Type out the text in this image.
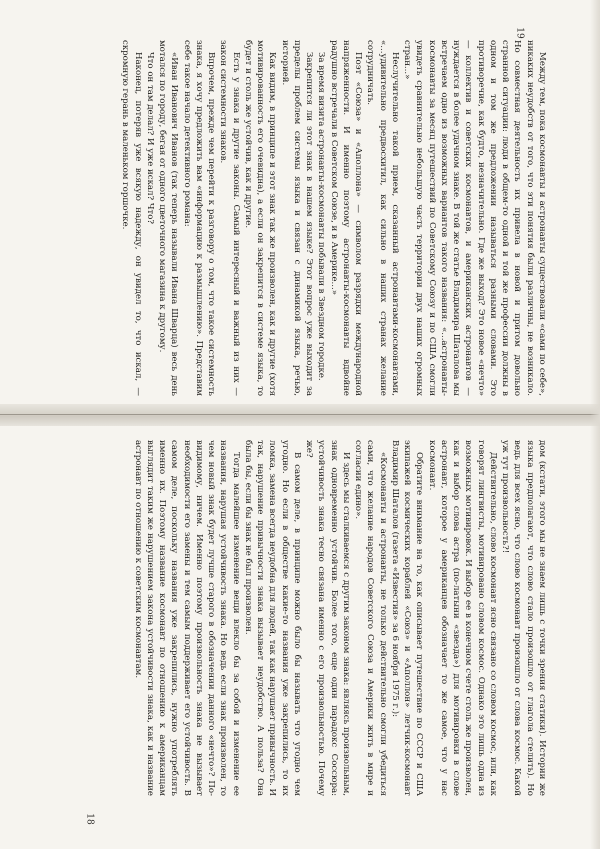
Между тем, пока космонавты и астронавты существовали «сами по себе», никаких неудобств от того, что эти понятия были различны, не возникало. Но совместная деятельность их привела в новой и притом довольно странной ситуации: люди в общем-то одной и той же профессии должны в одном и том же предложении называться разными словами. Это противоречие, как будто, незначительно. Где же выход? Это новое «нечто» — коллектив и советских космонавтов, и американских астронавтов — нуждается в более удачном знаке. В той же статье Владимира Шаталова мы встречаем одно из возможных вариантов такого названия: «...астронавты-космонавты за месяц путешествий по Советскому Союзу и по США смогли увидеть сравнительно небольшую часть территории двух наших огромных стран...»

Неслучительно такой прием, сказанный астронавтами-космонавтами, «...удивительно предвосхитил, как сильно в наших странах желание сотрудничать.

Поэт «Союза» и «Аполлона» — символом разрядки международной напряженности. И именно поэтому астронавты-космонавты вдвойне радушно встречали в Советском Союзе, и в Америке...»

За время визита астронавты-космонавты побывали в Звездном городке.

Закрепится ли этот знак в нашем языке? Этот вопрос уже выходит за пределы проблем системы языка и связан с динамикой языка, речью, историей.

Как видим, в принципе и этот знак так же произволен, как и другие (хотя мотивированность его очевидна), а если он закрепится в системе языка, то будет и столь же устойчив, как и другие.

Есть у знака и другие законы. Самый интересный и важный из них — закон системности знаков.

Впрочем, прежде чем перейти к разговору о том, что такое системность знака, я хочу предложить вам «информацию к размышлению». Представим себе такое начало детективного романа:

«Иван Иванович Иванов (так теперь называли Ивана Шварца) весь день мотался по городу, бегая от одного цветочного магазина к другому.

Что он там делал? И уже искал? Что?

Наконец, потеряв уже всякую надежду, он увидел то, что искал, — скромную герань в маленьком горшочке.

19

дом (кстати, этого мы не знаем лишь с точки зрения статики). Истории же языка предполагают, что слово стало произошло от глагола стелить). Но ведь для всех ясно, что слово космонавт произошло от слова космос. Какой уж тут произвольность?!

Действительно, слово космонавт ясно связано со словом космос, или, как говорят лингвисты, мотивировано словом космос. Однако это лишь одна из возможных мотивировок. И выбор ее в конечном счете столь же произволен, как и выбор слова астра (по-латыни «звезда») для мотивировки в слове астронавт, которое у американцев обозначает то же самое, что у нас космонавт.

Обратите внимание на то, как описывает путешествие по СССР и США экипажей космических кораблей «Союз» и «Аполлон» летчик-космонавт Владимир Шаталов (газета «Известия» за 6 ноября 1975 г.):

«Космонавты и астронавты, не только действительно смогли убедиться сами, что желание народов Советского Союза и Америки жить в мире и согласии едино».

И здесь мы сталкиваемся с другим законом знака: являясь произвольным, знак одновременно устойчив. Более того, еще один парадокс Соссюра: устойчивость знака тесно связана именно с его произвольностью. Почему же?

В самом деле, в принципе можно было бы называть что угодно чем угодно. Но если в обществе какие-то названия уже закрепились, то их ломка, замена всегда неудобна для людей, так как нарушает привычность. И так, нарушение привычности знака вызывает неудобство. А польза? Она была бы, если бы знак не был произволен.

Тогда малейшее изменение вещи влекло бы за собой и изменение ее названия, нарушая устойчивость знака. Но ведь если знак произволен, то чем новый знак будет лучше старого в обозначении данного «нечто»? По-видимому, ничем. Именно поэтому произвольность знака не вызывает необходимости его замены и тем самым поддерживает его устойчивость. В самом деле, поскольку названия уже закрепились, нужно употреблять именно их. Поэтому название космонавт по отношению к американцам выглядит таким же нарушением закона устойчивости знака, как и название астронавт по отношению к советским космонавтам.

18
